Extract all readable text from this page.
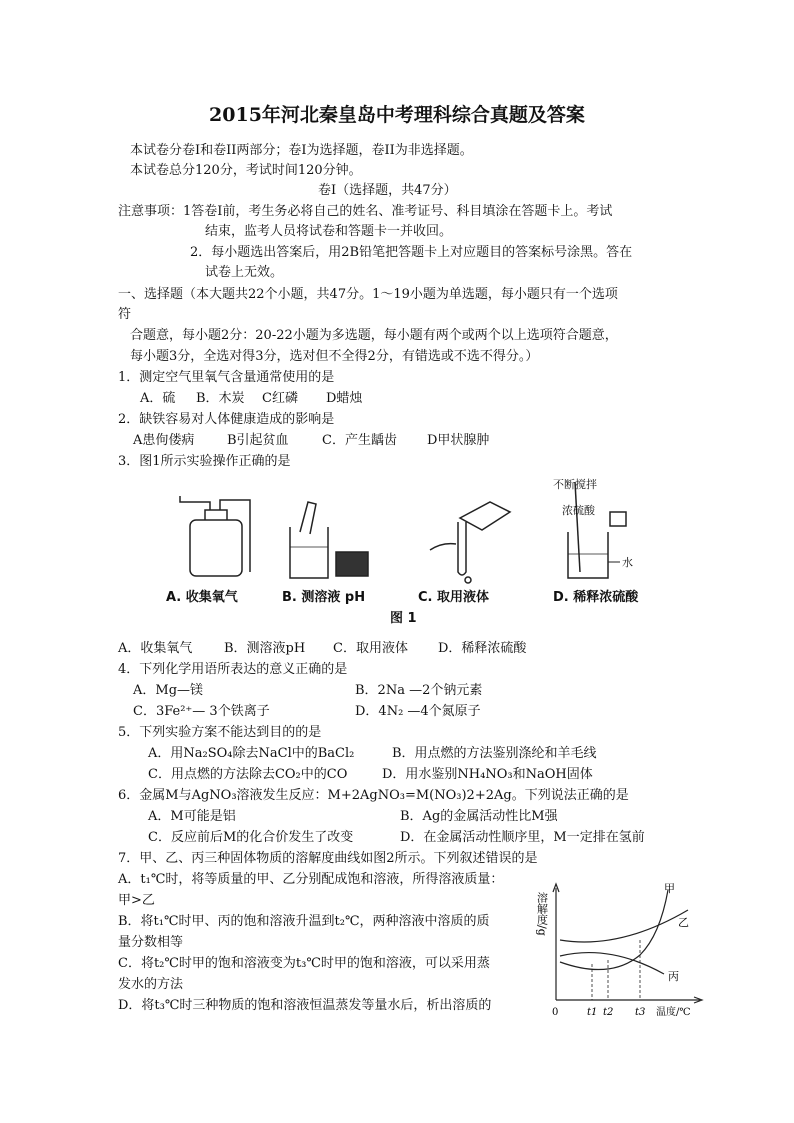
2015年河北秦皇岛中考理科综合真题及答案
本试卷分卷Ⅰ和卷II两部分；卷Ⅰ为选择题，卷II为非选择题。
本试卷总分120分，考试时间120分钟。
卷Ⅰ（选择题，共47分）
注意事项：1答卷Ⅰ前，考生务必将自己的姓名、准考证号、科目填涂在答题卡上。考试
结束，监考人员将试卷和答题卡一并收回。
2．每小题选出答案后，用2B铅笔把答题卡上对应题目的答案标号涂黑。答在
试卷上无效。
一、选择题（本大题共22个小题，共47分。1～19小题为单选题，每小题只有一个选项
符
合题意，每小题2分：20-22小题为多选题，每小题有两个或两个以上选项符合题意，
每小题3分，全选对得3分，选对但不全得2分，有错选或不选不得分。）
1．测定空气里氧气含量通常使用的是
A．硫 B．木炭 C红磷 D蜡烛
2．缺铁容易对人体健康造成的影响是
A患佝偻病	B引起贫血	C．产生龋齿 D甲状腺肿
3．图1所示实验操作正确的是
不断搅拌
浓硫酸
水
A. 收集氧气	B. 测溶液 pH	C. 取用液体	D. 稀释浓硫酸
图 1
A．收集氧气 B．测溶液pH C．取用液体 D．稀释浓硫酸
4．下列化学用语所表达的意义正确的是
A．Mg—镁	B．2Na —2个钠元素
C．3Fe²⁺— 3个铁离子	D．4N₂ —4个氮原子
5．下列实验方案不能达到目的的是
A．用Na₂SO₄除去NaCl中的BaCl₂	B．用点燃的方法鉴别涤纶和羊毛线
C．用点燃的方法除去CO₂中的CO	D．用水鉴别NH₄NO₃和NaOH固体
6．金属M与AgNO₃溶液发生反应：M+2AgNO₃=M(NO₃)2+2Ag。下列说法正确的是
A．M可能是铝	B．Ag的金属活动性比M强
C．反应前后M的化合价发生了改变	D．在金属活动性顺序里，M一定排在氢前
7．甲、乙、丙三种固体物质的溶解度曲线如图2所示。下列叙述错误的是
A．t₁℃时，将等质量的甲、乙分别配成饱和溶液，所得溶液质量：
甲>乙
B．将t₁℃时甲、丙的饱和溶液升温到t₂℃，两种溶液中溶质的质
量分数相等
C．将t₂℃时甲的饱和溶液变为t₃℃时甲的饱和溶液，可以采用蒸
发水的方法
D．将t₃℃时三种物质的饱和溶液恒温蒸发等量水后，析出溶质的
溶解度/g
0	t1 t2 t3 温度/℃
甲
乙
丙
